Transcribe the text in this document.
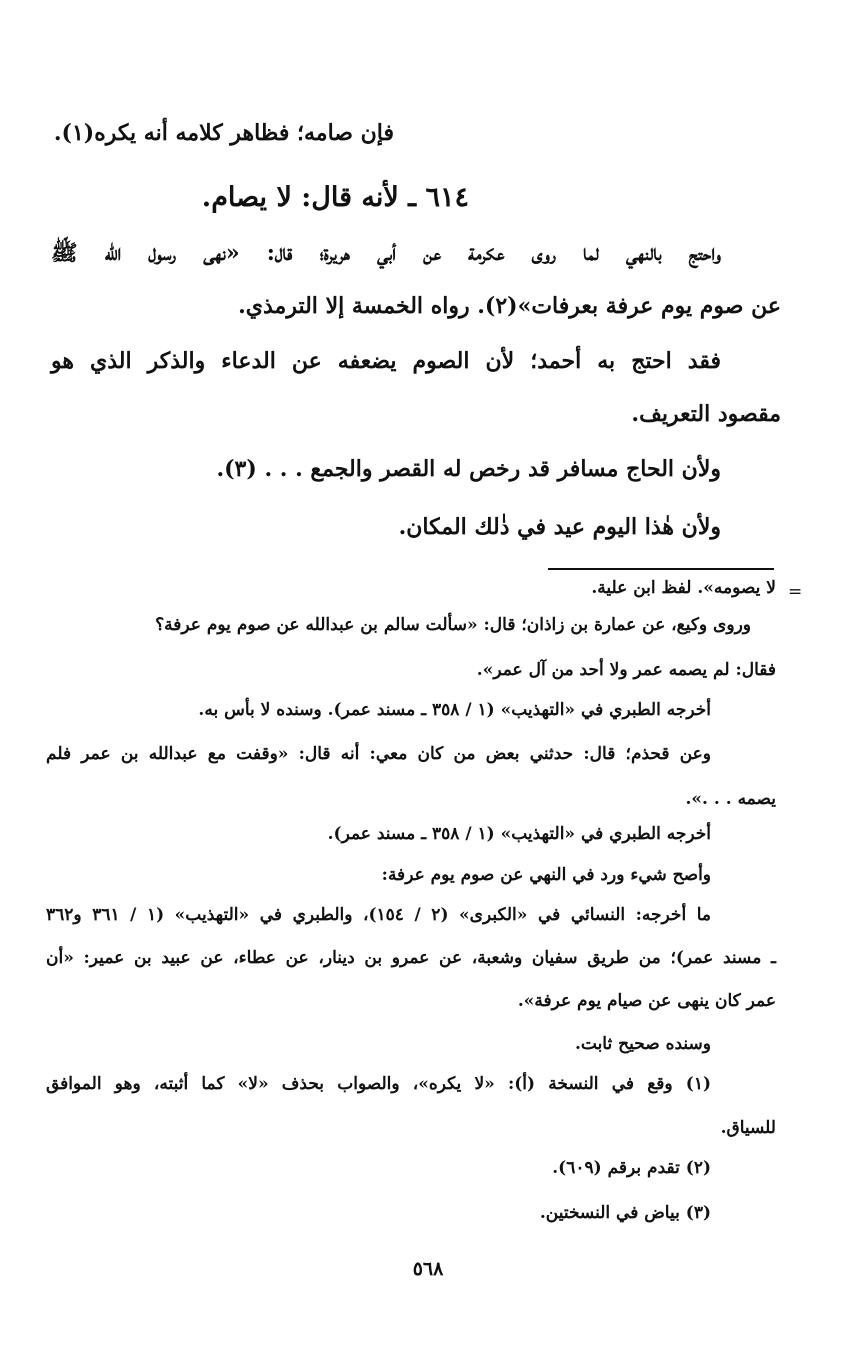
فإن صامه؛ فظاهر كلامه أنه يكره(١).
٦١٤ ـ لأنه قال: لا يصام.
واحتج بالنهي لما روى عكرمة عن أبي هريرة؛ قال: «نهى رسول الله ﷺ
عن صوم يوم عرفة بعرفات»(٢). رواه الخمسة إلا الترمذي.
فقد احتج به أحمد؛ لأن الصوم يضعفه عن الدعاء والذكر الذي هو
مقصود التعريف.
ولأن الحاج مسافر قد رخص له القصر والجمع . . . (٣).
ولأن هٰذا اليوم عيد في ذٰلك المكان.
=
لا يصومه». لفظ ابن علية.
وروى وكيع، عن عمارة بن زاذان؛ قال: «سألت سالم بن عبدالله عن صوم يوم عرفة؟
فقال: لم يصمه عمر ولا أحد من آل عمر».
أخرجه الطبري في «التهذيب» (١ / ٣٥٨ ـ مسند عمر). وسنده لا بأس به.
وعن قحذم؛ قال: حدثني بعض من كان معي: أنه قال: «وقفت مع عبدالله بن عمر فلم
يصمه . . .».
أخرجه الطبري في «التهذيب» (١ / ٣٥٨ ـ مسند عمر).
وأصح شيء ورد في النهي عن صوم يوم عرفة:
ما أخرجه: النسائي في «الكبرى» (٢ / ١٥٤)، والطبري في «التهذيب» (١ / ٣٦١ و٣٦٢
ـ مسند عمر)؛ من طريق سفيان وشعبة، عن عمرو بن دينار، عن عطاء، عن عبيد بن عمير: «أن
عمر كان ينهى عن صيام يوم عرفة».
وسنده صحيح ثابت.
(١) وقع في النسخة (أ): «لا يكره»، والصواب بحذف «لا» كما أثبته، وهو الموافق
للسياق.
(٢) تقدم برقم (٦٠٩).
(٣) بياض في النسختين.
٥٦٨
